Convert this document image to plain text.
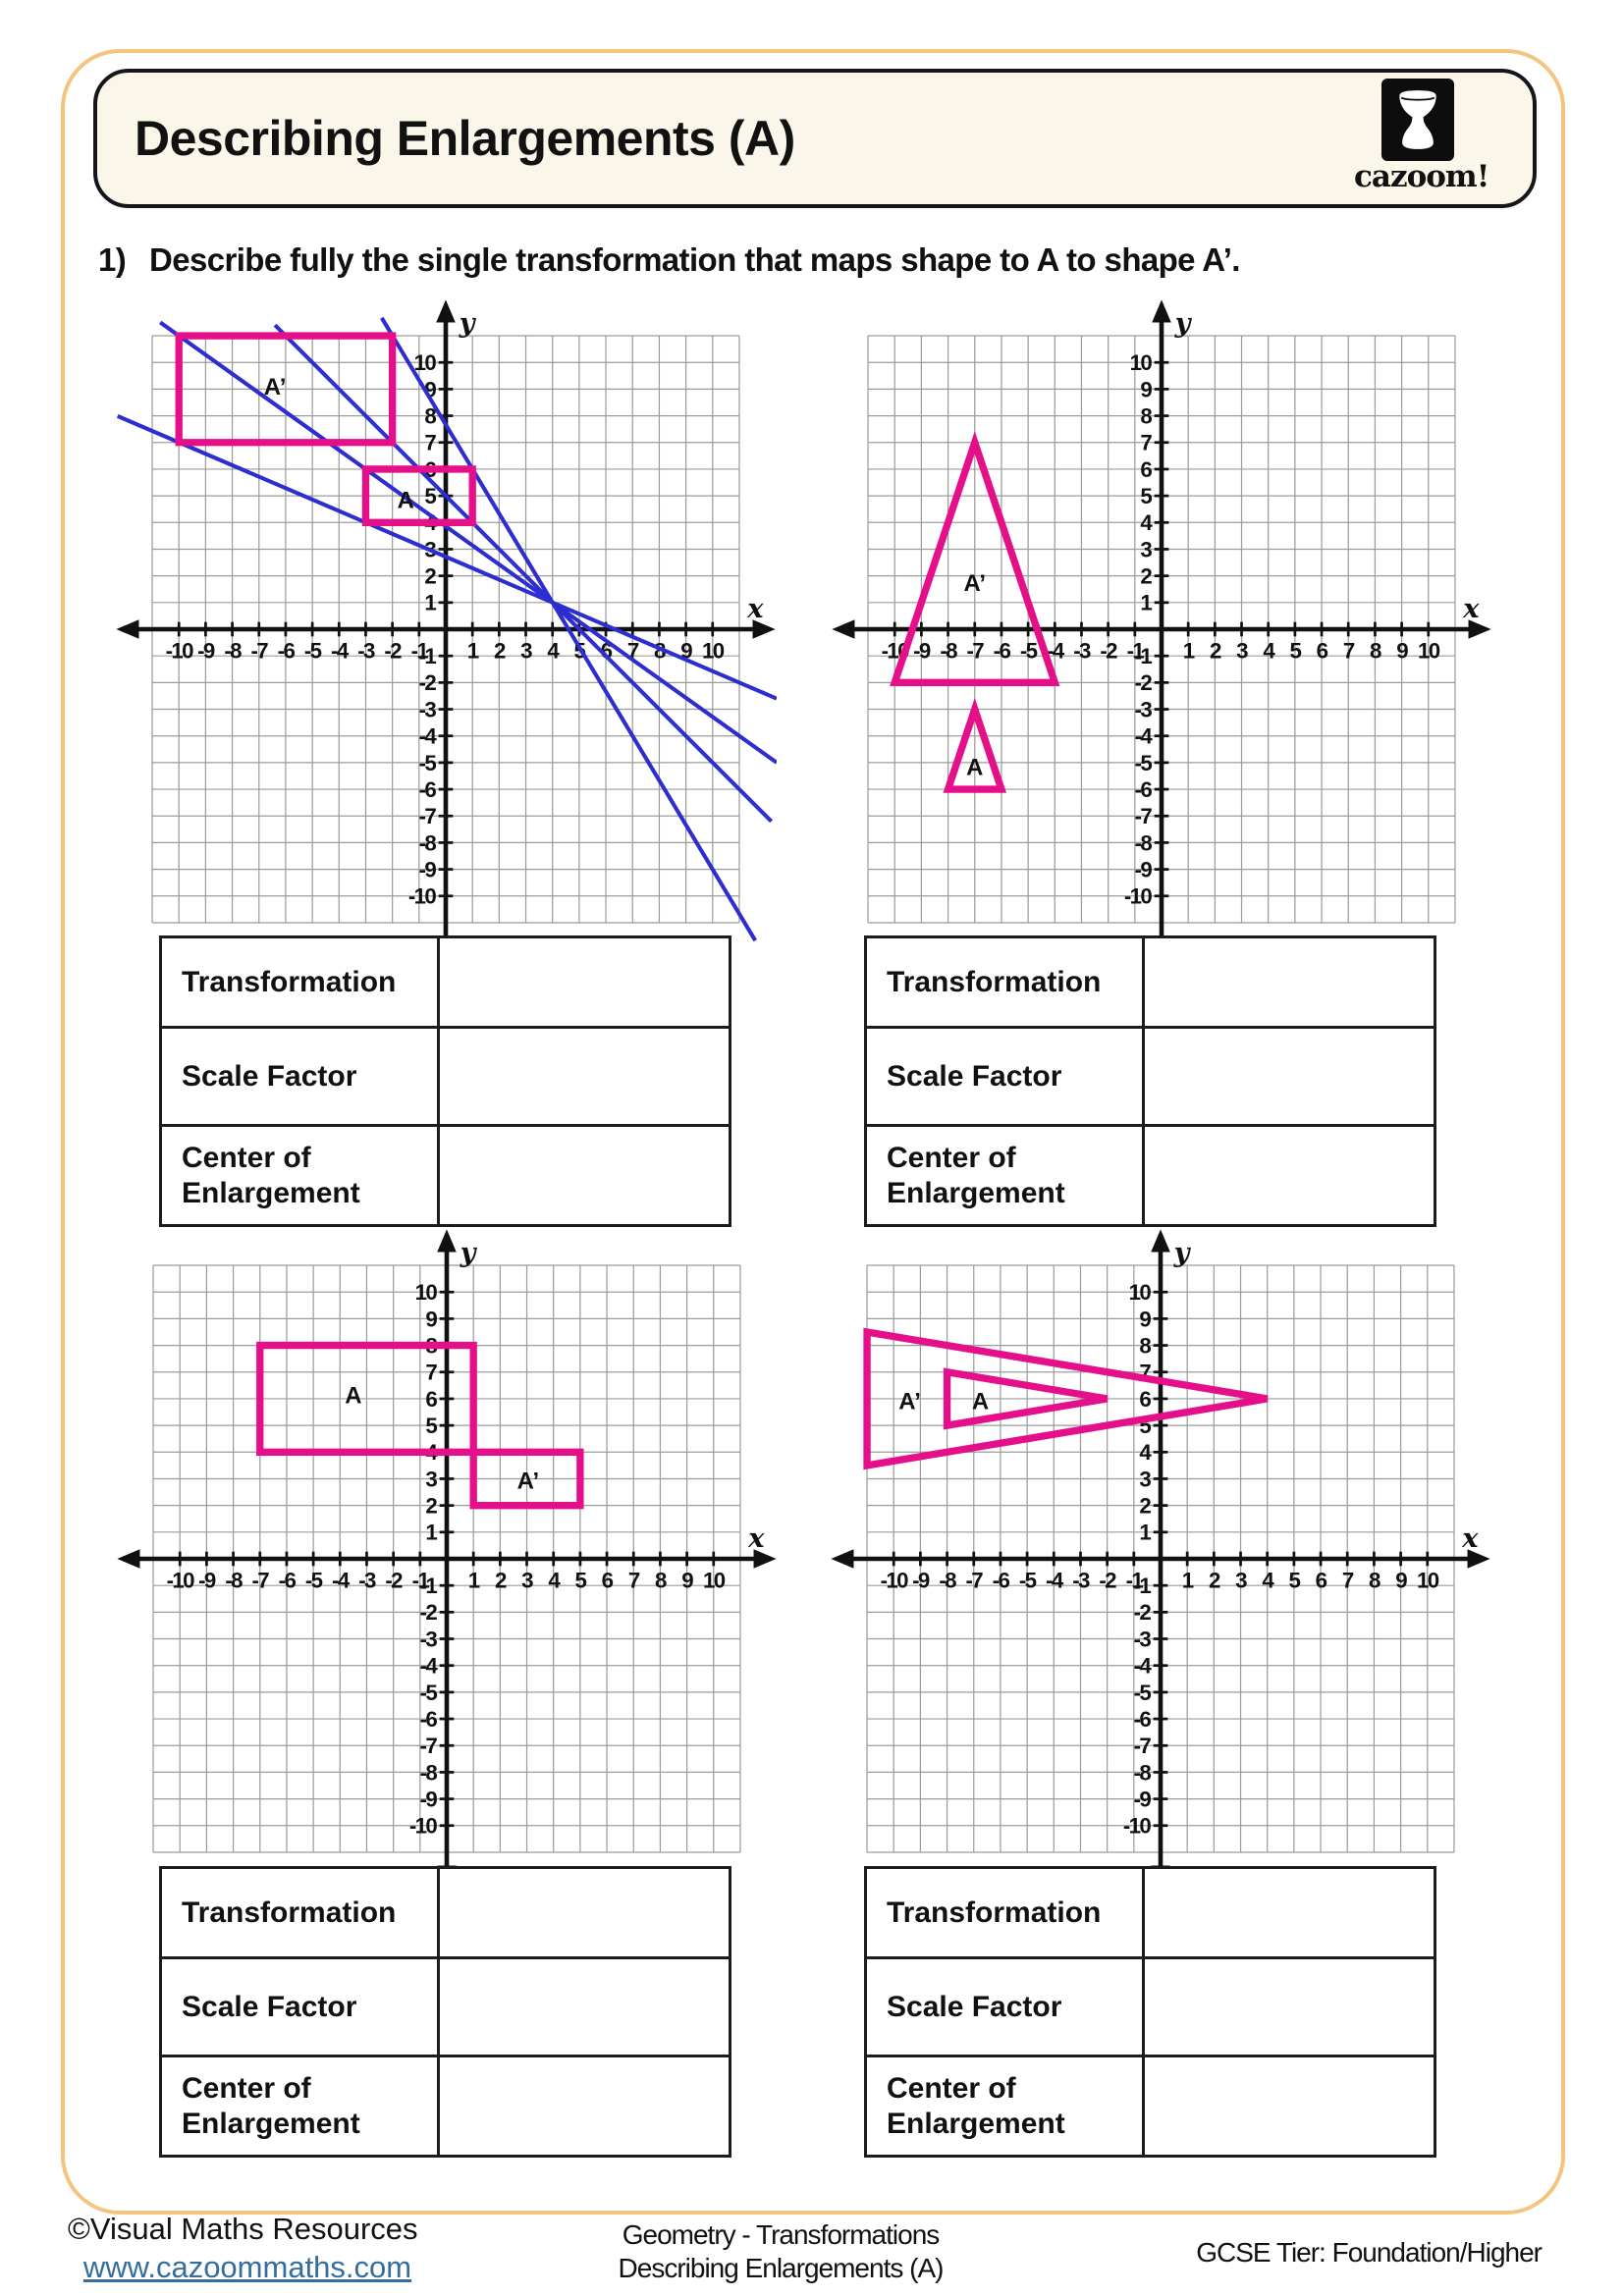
Describing Enlargements (A)
cazoom!
1) Describe fully the single transformation that maps shape to A to shape A’.
x
y
x
y
x
y
x
y
Transformation
Scale Factor
Center of Enlargement
Transformation
Scale Factor
Center of Enlargement
Transformation
Scale Factor
Center of Enlargement
Transformation
Scale Factor
Center of Enlargement
©Visual Maths Resources
www.cazoommaths.com
Geometry - Transformations
Describing Enlargements (A)
GCSE Tier: Foundation/Higher
